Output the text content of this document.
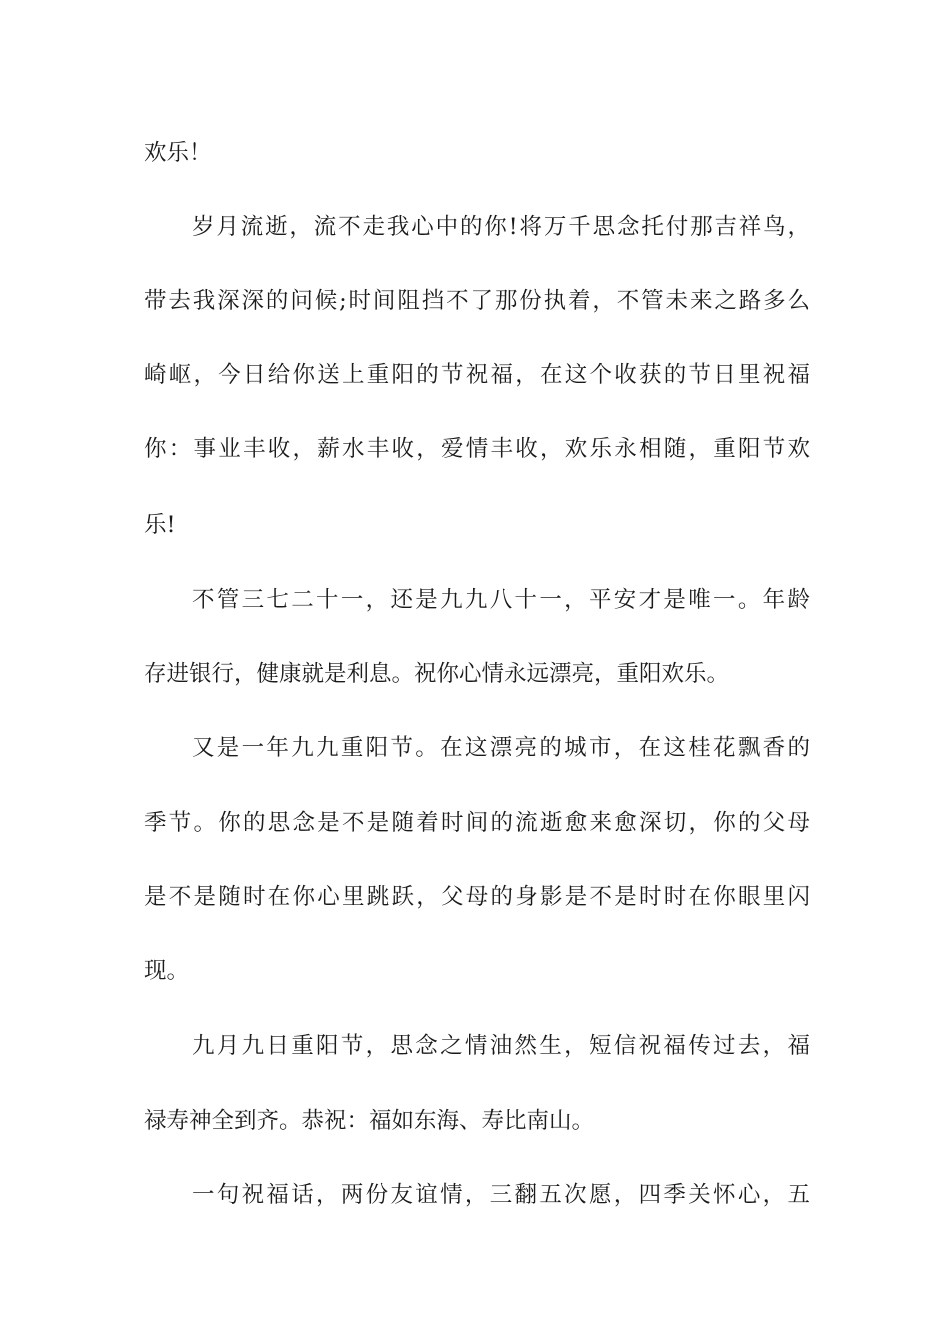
欢乐！
岁月流逝，流不走我心中的你!将万千思念托付那吉祥鸟，
带去我深深的问候;时间阻挡不了那份执着，不管未来之路多么
崎岖，今日给你送上重阳的节祝福，在这个收获的节日里祝福
你：事业丰收，薪水丰收，爱情丰收，欢乐永相随，重阳节欢
乐!
不管三七二十一，还是九九八十一，平安才是唯一。年龄
存进银行，健康就是利息。祝你心情永远漂亮，重阳欢乐。
又是一年九九重阳节。在这漂亮的城市，在这桂花飘香的
季节。你的思念是不是随着时间的流逝愈来愈深切，你的父母
是不是随时在你心里跳跃，父母的身影是不是时时在你眼里闪
现。
九月九日重阳节，思念之情油然生，短信祝福传过去，福
禄寿神全到齐。恭祝：福如东海、寿比南山。
一句祝福话，两份友谊情，三翻五次愿，四季关怀心，五
